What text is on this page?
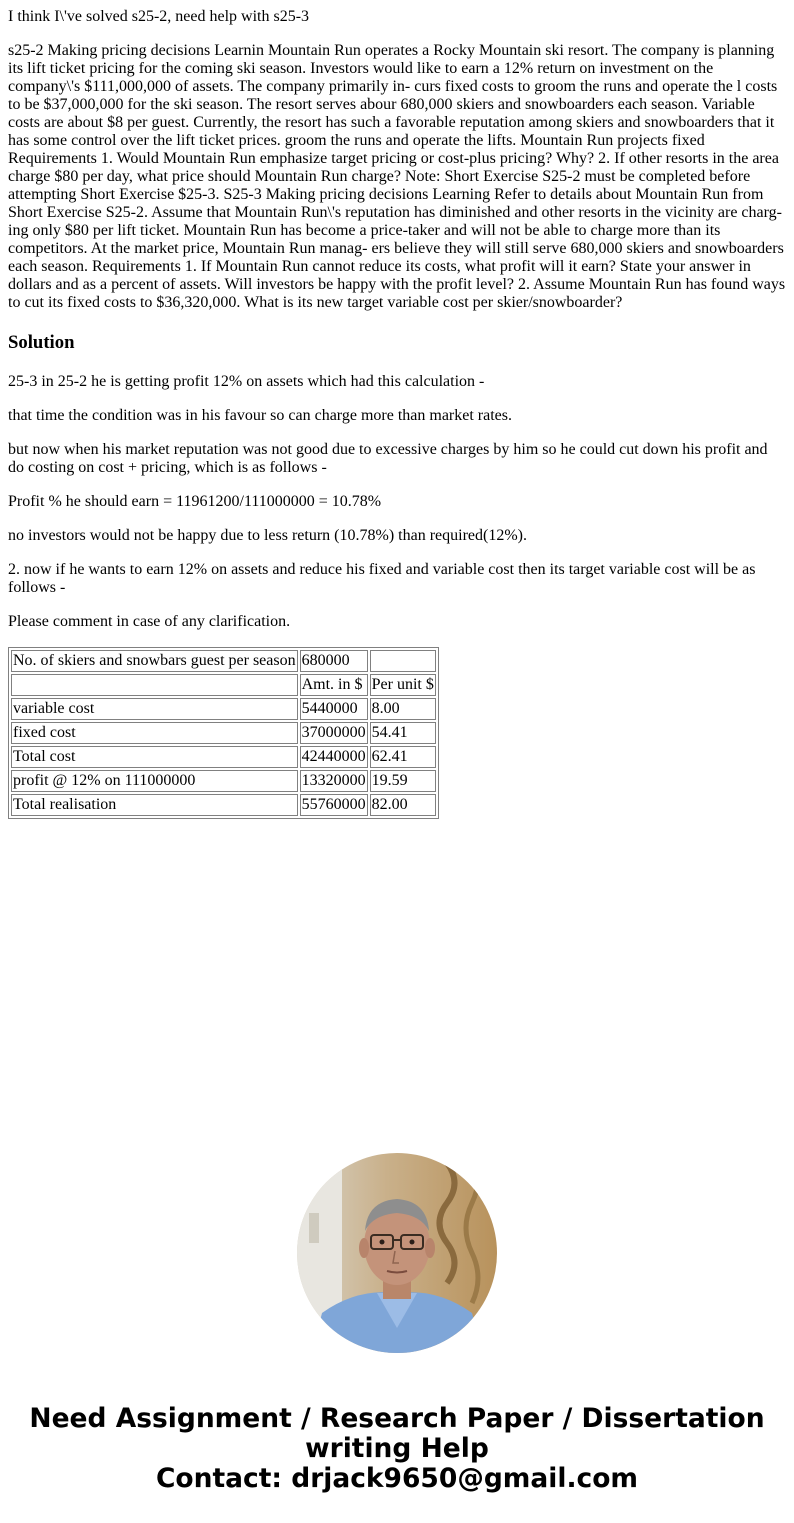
I think I\'ve solved s25-2, need help with s25-3

s25-2 Making pricing decisions Learnin Mountain Run operates a Rocky Mountain ski resort. The company is planning its lift ticket pricing for the coming ski season. Investors would like to earn a 12% return on investment on the company\'s $111,000,000 of assets. The company primarily in- curs fixed costs to groom the runs and operate the l costs to be $37,000,000 for the ski season. The resort serves abour 680,000 skiers and snowboarders each season. Variable costs are about $8 per guest. Currently, the resort has such a favorable reputation among skiers and snowboarders that it has some control over the lift ticket prices. groom the runs and operate the lifts. Mountain Run projects fixed Requirements 1. Would Mountain Run emphasize target pricing or cost-plus pricing? Why? 2. If other resorts in the area charge $80 per day, what price should Mountain Run charge? Note: Short Exercise S25-2 must be completed before attempting Short Exercise $25-3. S25-3 Making pricing decisions Learning Refer to details about Mountain Run from Short Exercise S25-2. Assume that Mountain Run\'s reputation has diminished and other resorts in the vicinity are charg- ing only $80 per lift ticket. Mountain Run has become a price-taker and will not be able to charge more than its competitors. At the market price, Mountain Run manag- ers believe they will still serve 680,000 skiers and snowboarders each season. Requirements 1. If Mountain Run cannot reduce its costs, what profit will it earn? State your answer in dollars and as a percent of assets. Will investors be happy with the profit level? 2. Assume Mountain Run has found ways to cut its fixed costs to $36,320,000. What is its new target variable cost per skier/snowboarder?

Solution

25-3 in 25-2 he is getting profit 12% on assets which had this calculation -

that time the condition was in his favour so can charge more than market rates.

but now when his market reputation was not good due to excessive charges by him so he could cut down his profit and do costing on cost + pricing, which is as follows -

Profit % he should earn = 11961200/111000000 = 10.78%

no investors would not be happy due to less return (10.78%) than required(12%).

2. now if he wants to earn 12% on assets and reduce his fixed and variable cost then its target variable cost will be as follows -

Please comment in case of any clarification.

No. of skiers and snowbars guest per season	680000	
	Amt. in $	Per unit $
variable cost	5440000	8.00
fixed cost	37000000	54.41
Total cost	42440000	62.41
profit @ 12% on 111000000	13320000	19.59
Total realisation	55760000	82.00
Need Assignment / Research Paper / Dissertation
writing Help
Contact: drjack9650@gmail.com
